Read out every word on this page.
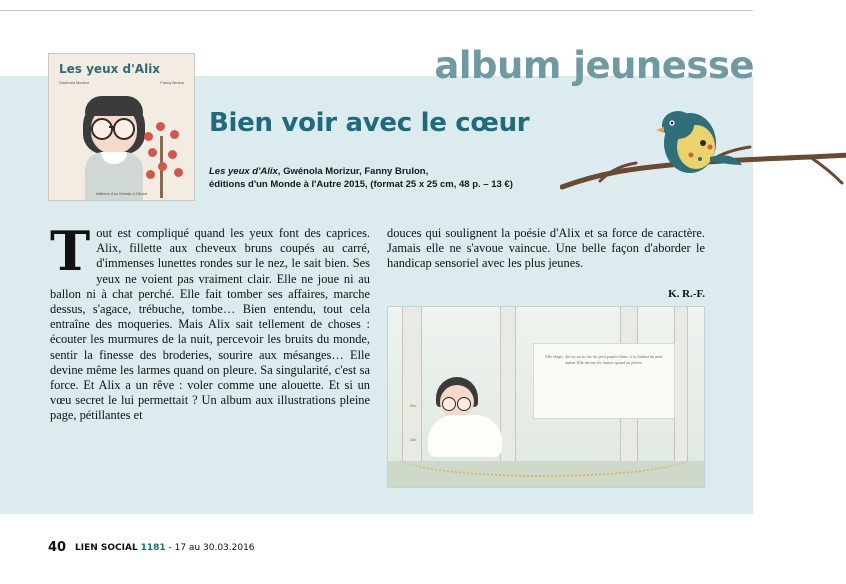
album jeunesse
Les yeux d'Alix
Gwénola Morizur	Fanny Brulon
éditions d'un Monde à l'Autre
Bien voir avec le cœur
Les yeux d'Alix, Gwénola Morizur, Fanny Brulon,
éditions d'un Monde à l'Autre 2015, (format 25 x 25 cm, 48 p. – 13 €)
Tout est compliqué quand les yeux font des caprices. Alix, fillette aux cheveux bruns coupés au carré, d'immenses lunettes rondes sur le nez, le sait bien. Ses yeux ne voient pas vraiment clair. Elle ne joue ni au ballon ni à chat perché. Elle fait tomber ses affaires, marche dessus, s'agace, trébuche, tombe… Bien entendu, tout cela entraîne des moqueries. Mais Alix sait tellement de choses : écouter les murmures de la nuit, percevoir les bruits du monde, sentir la finesse des broderies, sourire aux mésanges… Elle devine même les larmes quand on pleure. Sa singularité, c'est sa force. Et Alix a un rêve : voler comme une alouette. Et si un vœu secret le lui permettait ? Un album aux illustrations pleine page, pétillantes et
douces qui soulignent la poésie d'Alix et sa force de caractère. Jamais elle ne s'avoue vaincue. Une belle façon d'aborder le handicap sensoriel avec les plus jeunes.
K. R.-F.
Elle réagit, dit-on, au tic-tac du petit papier blanc, à la chaleur du petit matin. Elle devine les larmes quand on pleure.
Alix
Alix
40 LIEN SOCIAL 1181 - 17 au 30.03.2016
